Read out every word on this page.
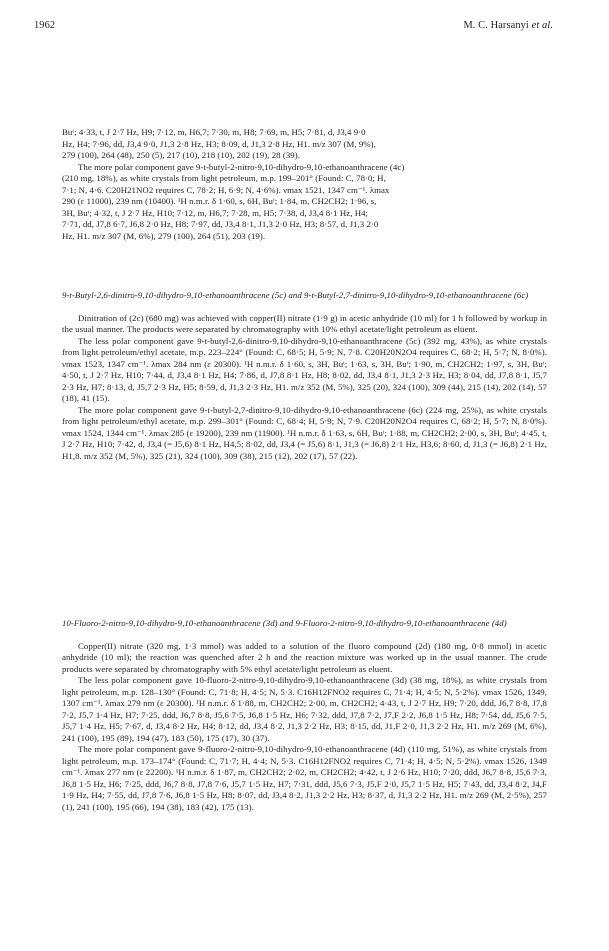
1962	M. C. Harsanyi et al.

Buᵗ; 4·33, t, J 2·7 Hz, H9; 7·12, m, H6,7; 7·30, m, H8; 7·69, m, H5; 7·81, d, J3,4 9·0

Hz, H4; 7·96, dd, J3,4 9·0, J1,3 2·8 Hz, H3; 8·09, d, J1,3 2·8 Hz, H1. m/z 307 (M, 9%),

279 (100), 264 (48), 250 (5), 217 (10), 218 (10), 202 (19), 28 (39).

The more polar component gave 9-t-butyl-2-nitro-9,10-dihydro-9,10-ethanoanthracene (4c)

(210 mg, 18%), as white crystals from light petroleum, m.p. 199–201° (Found: C, 78·0; H,

7·1; N, 4·6. C20H21NO2 requires C, 78·2; H, 6·9; N, 4·6%). νmax 1521, 1347 cm⁻¹. λmax

290 (ε 11000), 239 nm (10400). ¹H n.m.r. δ 1·60, s, 6H, Buᵗ; 1·84, m, CH2CH2; 1·96, s,

3H, Buᵗ; 4·32, t, J 2·7 Hz, H10; 7·12, m, H6,7; 7·28, m, H5; 7·38, d, J3,4 8·1 Hz, H4;

7·71, dd, J7,8 6·7, J6,8 2·0 Hz, H8; 7·97, dd, J3,4 8·1, J1,3 2·0 Hz, H3; 8·57, d, J1,3 2·0

Hz, H1. m/z 307 (M, 6%), 279 (100), 264 (51), 203 (19).

9-t-Butyl-2,6-dinitro-9,10-dihydro-9,10-ethanoanthracene (5c) and 9-t-Butyl-2,7-dinitro-9,10-dihydro-9,10-ethanoanthracene (6c)

Dinitration of (2c) (680 mg) was achieved with copper(II) nitrate (1·9 g) in acetic anhydride (10 ml) for 1 h followed by workup in the usual manner. The products were separated by chromatography with 10% ethyl acetate/light petroleum as eluent.

The less polar component gave 9-t-butyl-2,6-dinitro-9,10-dihydro-9,10-ethanoanthracene (5c) (392 mg, 43%), as white crystals from light petroleum/ethyl acetate, m.p. 223–224° (Found: C, 68·5; H, 5·9; N, 7·8. C20H20N2O4 requires C, 68·2; H, 5·7; N, 8·0%). νmax 1523, 1347 cm⁻¹. λmax 284 nm (ε 20300). ¹H n.m.r. δ 1·60, s, 3H, Buᵗ; 1·63, s, 3H, Buᵗ; 1·90, m, CH2CH2; 1·97, s, 3H, Buᵗ; 4·50, t, J 2·7 Hz, H10; 7·44, d, J3,4 8·1 Hz, H4; 7·86, d, J7,8 8·1 Hz, H8; 8·02, dd, J3,4 8·1, J1,3 2·3 Hz, H3; 8·04, dd, J7,8 8·1, J5,7 2·3 Hz, H7; 8·13, d, J5,7 2·3 Hz, H5; 8·59, d, J1,3 2·3 Hz, H1. m/z 352 (M, 5%), 325 (20), 324 (100), 309 (44), 215 (14), 202 (14), 57 (18), 41 (15).

The more polar component gave 9-t-butyl-2,7-dinitro-9,10-dihydro-9,10-ethanoanthracene (6c) (224 mg, 25%), as white crystals from light petroleum/ethyl acetate, m.p. 299–301° (Found: C, 68·4; H, 5·9; N, 7·9. C20H20N2O4 requires C, 68·2; H, 5·7; N, 8·0%). νmax 1524, 1344 cm⁻¹. λmax 285 (ε 19200), 239 nm (11900). ¹H n.m.r. δ 1·63, s, 6H, Buᵗ; 1·88, m, CH2CH2; 2·00, s, 3H, Buᵗ; 4·45, t, J 2·7 Hz, H10; 7·42, d, J3,4 (= J5,6) 8·1 Hz, H4,5; 8·02, dd, J3,4 (= J5,6) 8·1, J1,3 (= J6,8) 2·1 Hz, H3,6; 8·60, d, J1,3 (= J6,8) 2·1 Hz, H1,8. m/z 352 (M, 5%), 325 (21), 324 (100), 309 (38), 215 (12), 202 (17), 57 (22).

10-Fluoro-2-nitro-9,10-dihydro-9,10-ethanoanthracene (3d) and 9-Fluoro-2-nitro-9,10-dihydro-9,10-ethanoanthracene (4d)

Copper(II) nitrate (320 mg, 1·3 mmol) was added to a solution of the fluoro compound (2d) (180 mg, 0·8 mmol) in acetic anhydride (10 ml); the reaction was quenched after 2 h and the reaction mixture was worked up in the usual manner. The crude products were separated by chromatography with 5% ethyl acetate/light petroleum as eluent.

The less polar component gave 10-fluoro-2-nitro-9,10-dihydro-9,10-ethanoanthracene (3d) (38 mg, 18%), as white crystals from light petroleum, m.p. 128–130° (Found: C, 71·8; H, 4·5; N, 5·3. C16H12FNO2 requires C, 71·4; H, 4·5; N, 5·2%). νmax 1526, 1349, 1307 cm⁻¹. λmax 279 nm (ε 20300). ¹H n.m.r. δ 1·88, m, CH2CH2; 2·00, m, CH2CH2; 4·43, t, J 2·7 Hz, H9; 7·20, ddd, J6,7 8·8, J7,8 7·2, J5,7 1·4 Hz, H7; 7·25, ddd, J6,7 8·8, J5,6 7·5, J6,8 1·5 Hz, H6; 7·32, ddd, J7,8 7·2, J7,F 2·2, J6,8 1·5 Hz, H8; 7·54, dd, J5,6 7·5, J5,7 1·4 Hz, H5; 7·67, d, J3,4 8·2 Hz, H4; 8·12, dd, J3,4 8·2, J1,3 2·2 Hz, H3; 8·15, dd, J1,F 2·0, J1,3 2·2 Hz, H1. m/z 269 (M, 6%), 241 (100), 195 (89), 194 (47), 183 (50), 175 (17), 30 (37).

The more polar component gave 9-fluoro-2-nitro-9,10-dihydro-9,10-ethanoanthracene (4d) (110 mg, 51%), as white crystals from light petroleum, m.p. 173–174° (Found: C, 71·7; H, 4·4; N, 5·3. C16H12FNO2 requires C, 71·4; H, 4·5; N, 5·2%). νmax 1526, 1349 cm⁻¹. λmax 277 nm (ε 22200). ¹H n.m.r. δ 1·87, m, CH2CH2; 2·02, m, CH2CH2; 4·42, t, J 2·6 Hz, H10; 7·20, ddd, J6,7 8·8, J5,6 7·3, J6,8 1·5 Hz, H6; 7·25, ddd, J6,7 8·8, J7,8 7·6, J5,7 1·5 Hz, H7; 7·31, ddd, J5,6 7·3, J5,F 2·0, J5,7 1·5 Hz, H5; 7·43, dd, J3,4 8·2, J4,F 1·9 Hz, H4; 7·55, dd, J7,8 7·6, J6,8 1·5 Hz, H8; 8·07, dd, J3,4 8·2, J1,3 2·2 Hz, H3; 8·37, d, J1,3 2·2 Hz, H1. m/z 269 (M, 2·5%), 257 (1), 241 (100), 195 (66), 194 (38), 183 (42), 175 (13).
